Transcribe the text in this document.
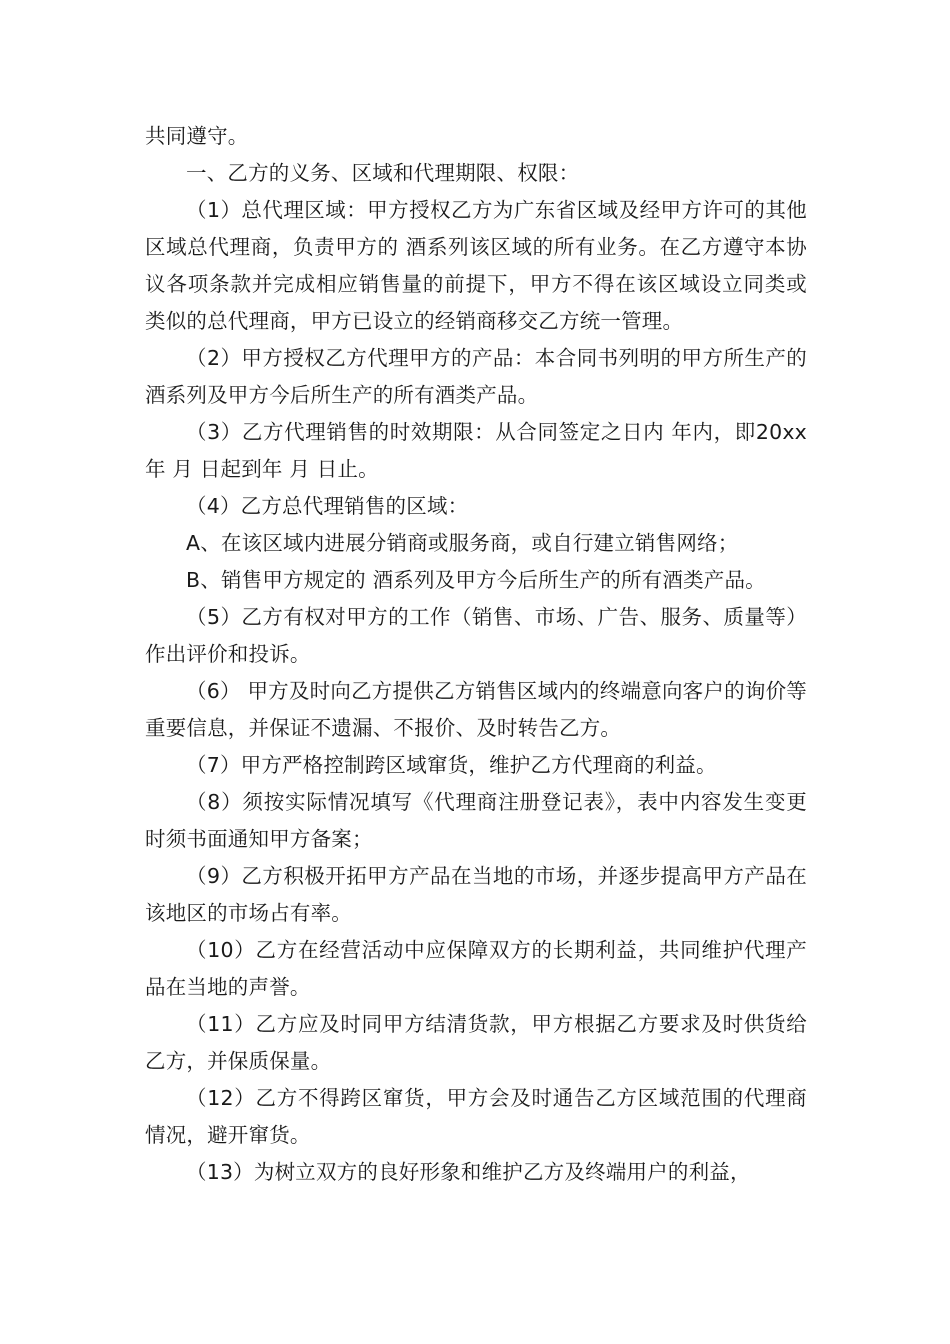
共同遵守。

一、乙方的义务、区域和代理期限、权限：

（1）总代理区域：甲方授权乙方为广东省区域及经甲方许可的其他区域总代理商，负责甲方的 酒系列该区域的所有业务。在乙方遵守本协议各项条款并完成相应销售量的前提下，甲方不得在该区域设立同类或类似的总代理商，甲方已设立的经销商移交乙方统一管理。

（2）甲方授权乙方代理甲方的产品：本合同书列明的甲方所生产的 酒系列及甲方今后所生产的所有酒类产品。

（3）乙方代理销售的时效期限：从合同签定之日内 年内，即20xx 年 月 日起到年 月 日止。

（4）乙方总代理销售的区域：

A、在该区域内进展分销商或服务商，或自行建立销售网络；

B、销售甲方规定的 酒系列及甲方今后所生产的所有酒类产品。

（5）乙方有权对甲方的工作（销售、市场、广告、服务、质量等）作出评价和投诉。

（6） 甲方及时向乙方提供乙方销售区域内的终端意向客户的询价等重要信息，并保证不遗漏、不报价、及时转告乙方。

（7）甲方严格控制跨区域窜货，维护乙方代理商的利益。

（8）须按实际情况填写《代理商注册登记表》，表中内容发生变更时须书面通知甲方备案；

（9）乙方积极开拓甲方产品在当地的市场，并逐步提高甲方产品在该地区的市场占有率。

（10）乙方在经营活动中应保障双方的长期利益，共同维护代理产品在当地的声誉。

（11）乙方应及时同甲方结清货款，甲方根据乙方要求及时供货给乙方，并保质保量。

（12）乙方不得跨区窜货，甲方会及时通告乙方区域范围的代理商情况，避开窜货。

（13）为树立双方的良好形象和维护乙方及终端用户的利益，
